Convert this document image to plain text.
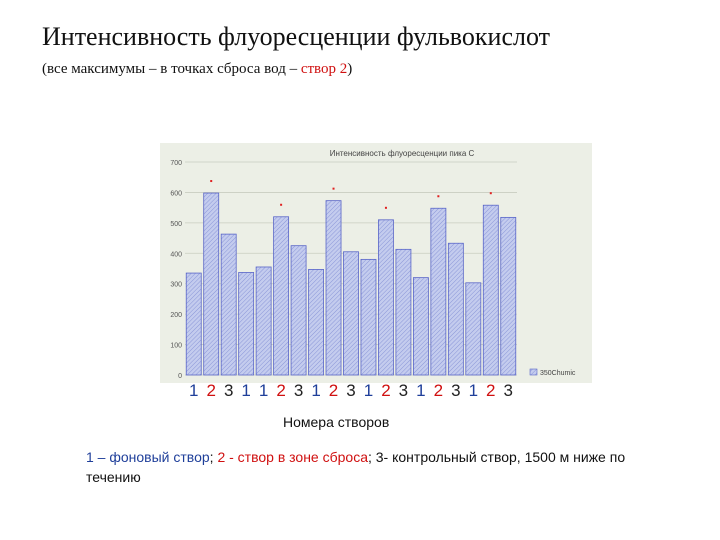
Интенсивность флуоресценции фульвокислот
(все максимумы – в точках сброса вод – створ 2)
Интенсивность флуоресценции пика С
0
100
200
300
400
500
600
700
350Chumic
1 2 3 1 1 2 3 1 2 3 1 2 3 1 2 3 1 2 3
Номера створов
1 – фоновый створ; 2 - створ в зоне сброса; 3- контрольный створ, 1500 м ниже по течению
